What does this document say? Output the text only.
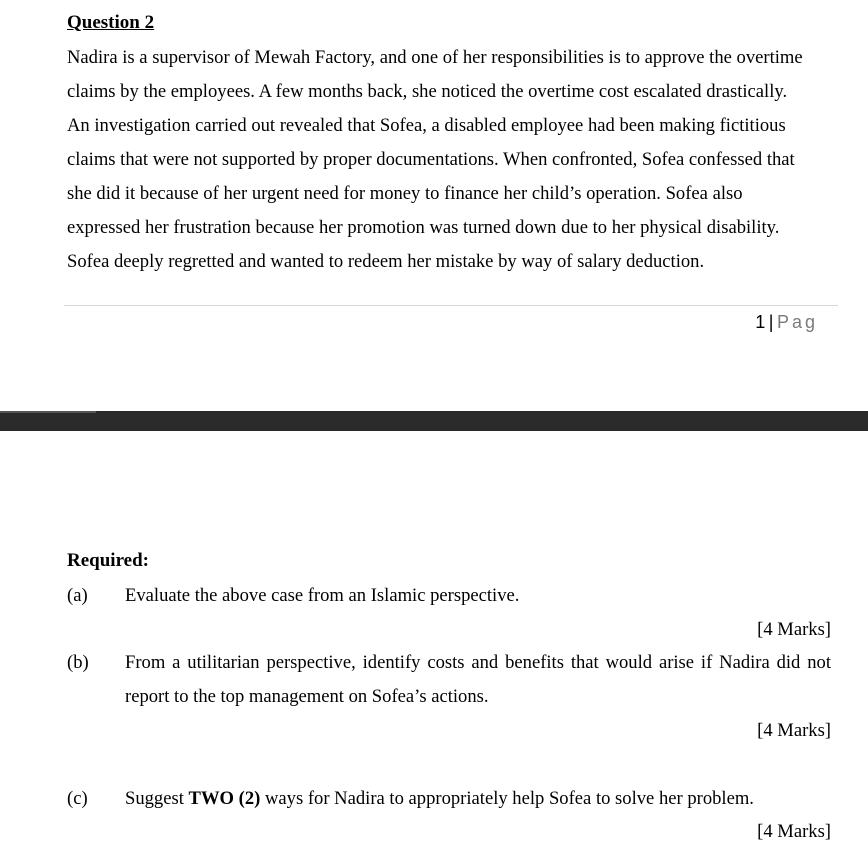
Question 2

Nadira is a supervisor of Mewah Factory, and one of her responsibilities is to approve the overtime

claims by the employees. A few months back, she noticed the overtime cost escalated drastically.

An investigation carried out revealed that Sofea, a disabled employee had been making fictitious

claims that were not supported by proper documentations. When confronted, Sofea confessed that

she did it because of her urgent need for money to finance her child’s operation. Sofea also

expressed her frustration because her promotion was turned down due to her physical disability.

Sofea deeply regretted and wanted to redeem her mistake by way of salary deduction.

1 | Pag
Required:
(a) Evaluate the above case from an Islamic perspective.
[4 Marks]
(b) From a utilitarian perspective, identify costs and benefits that would arise if Nadira did not
report to the top management on Sofea’s actions.
[4 Marks]
(c) Suggest TWO (2) ways for Nadira to appropriately help Sofea to solve her problem.
[4 Marks]
